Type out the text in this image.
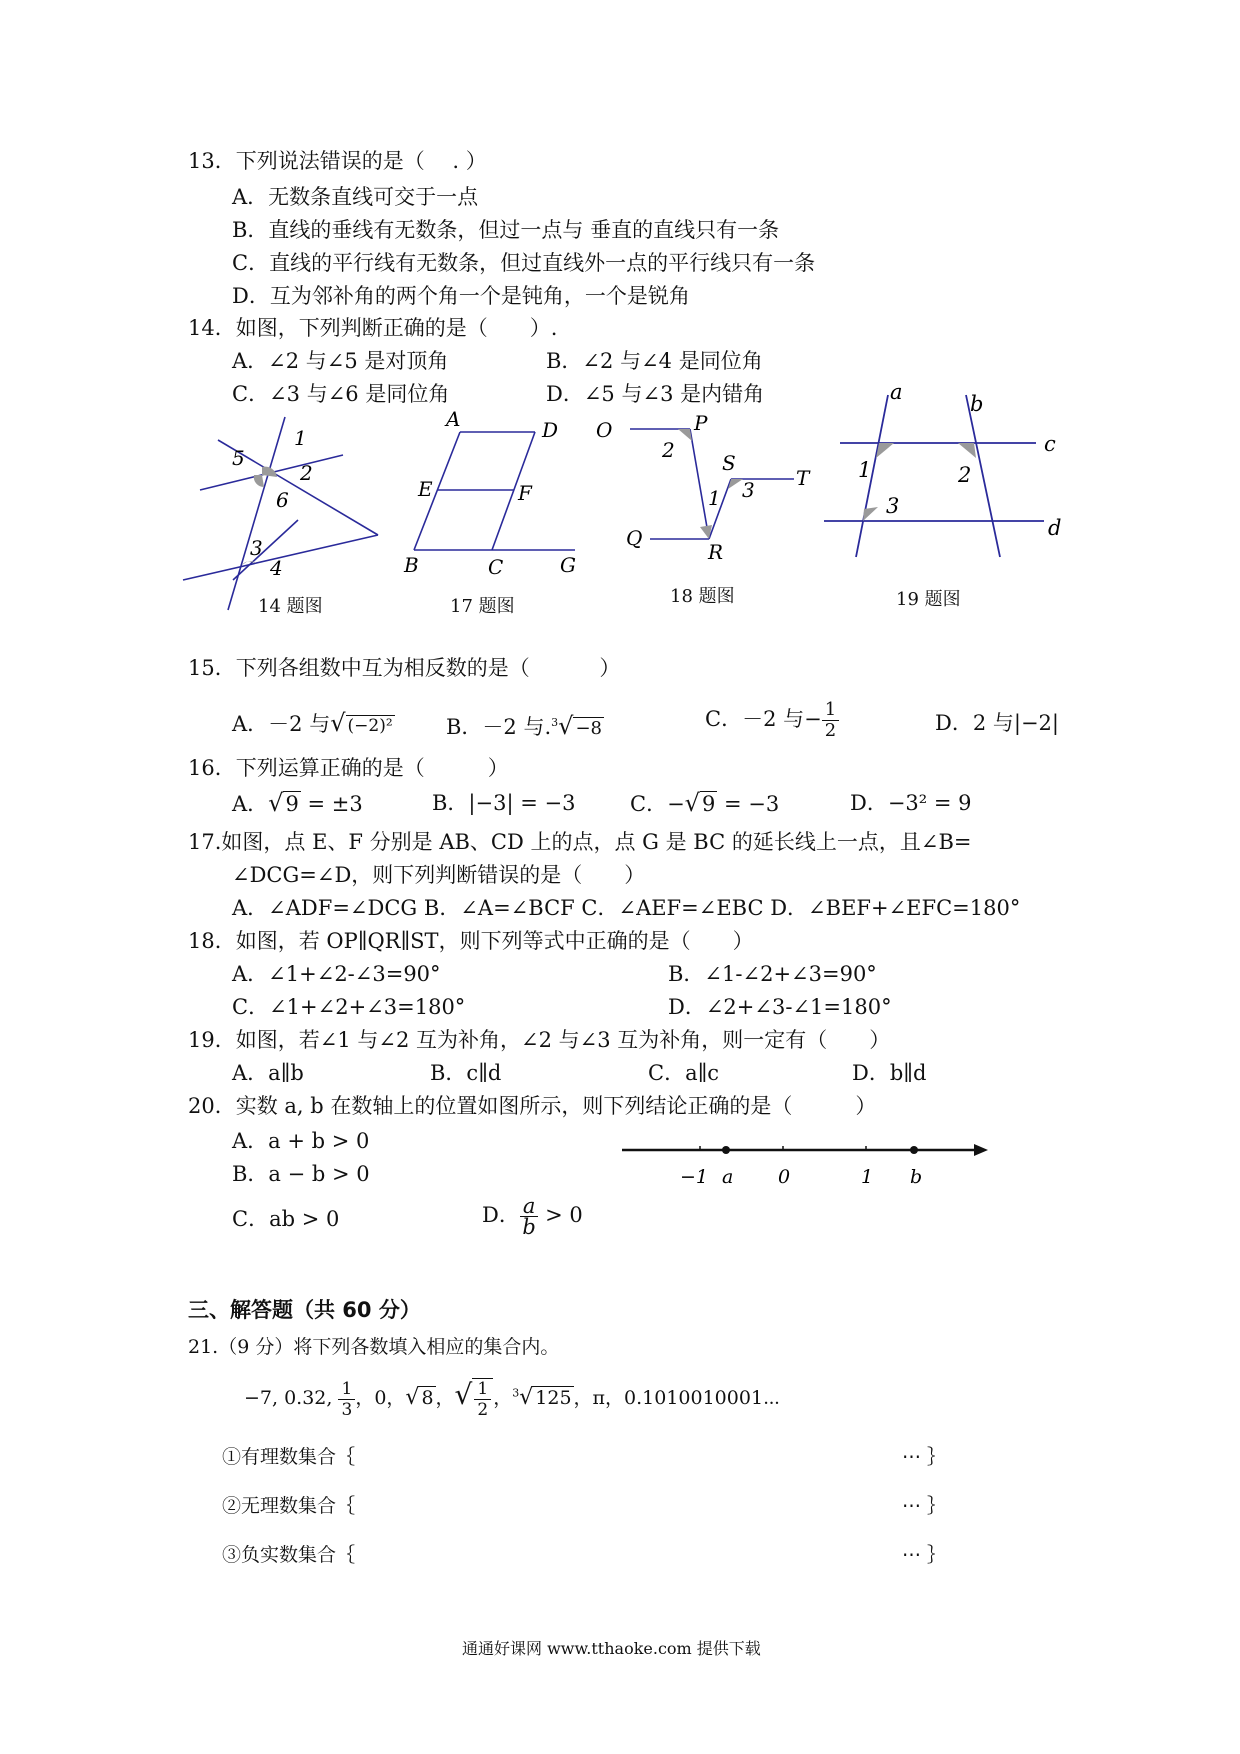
13．下列说法错误的是（　 . ）
A．无数条直线可交于一点
B．直线的垂线有无数条，但过一点与 垂直的直线只有一条
C．直线的平行线有无数条，但过直线外一点的平行线只有一条
D．互为邻补角的两个角一个是钝角，一个是锐角
14．如图，下列判断正确的是（　　）.
A．∠2 与∠5 是对顶角	B．∠2 与∠4 是同位角
C．∠3 与∠6 是同位角	D．∠5 与∠3 是内错角
1
2
5
6
3
4
14 题图
A	D
E	F
B	C	G
17 题图
O	P
2
S
1 3 T
Q
R
18 题图
a	b
c
1	2
3
d
19 题图
15．下列各组数中互为相反数的是（　　　 ）
A．－2 与√ (−2)²	B．－2 与.$^3$√ −8	C．－2 与− $\frac{1}{2}$	D．2 与|−2|
16．下列运算正确的是（　　　）
A．√9 = ±3	B．|−3| = −3	C．−√9 = −3	D．−3² = 9
17.如图，点 E、F 分别是 AB、CD 上的点，点 G 是 BC 的延长线上一点，且∠B=
∠DCG=∠D，则下列判断错误的是（　　）
A．∠ADF=∠DCG B．∠A=∠BCF C．∠AEF=∠EBC D．∠BEF+∠EFC=180°
18．如图，若 OP∥QR∥ST，则下列等式中正确的是（　　）
A．∠1+∠2-∠3=90°	B．∠1-∠2+∠3=90°
C．∠1+∠2+∠3=180°	D．∠2+∠3-∠1=180°
19．如图，若∠1 与∠2 互为补角，∠2 与∠3 互为补角，则一定有（　　）
A．a∥b	B．c∥d	C．a∥c	D．b∥d
20．实数 a, b 在数轴上的位置如图所示，则下列结论正确的是（　　　）
A．a + b > 0
B．a − b > 0
C．ab > 0	D． $\frac{a}{b} > 0$
−1 a 0	1 b
三、解答题（共 60 分）
21.（9 分）将下列各数填入相应的集合内。
−7, 0.32, $\frac{1}{3}$ ，0，√ 8 ，√ $\frac{1}{2}$ ，$^3$√ 125 ，π，0.1010010001⋯
①有理数集合｛	⋯ ｝
②无理数集合｛	⋯ ｝
③负实数集合｛	⋯ ｝
通通好课网 www.tthaoke.com 提供下载
